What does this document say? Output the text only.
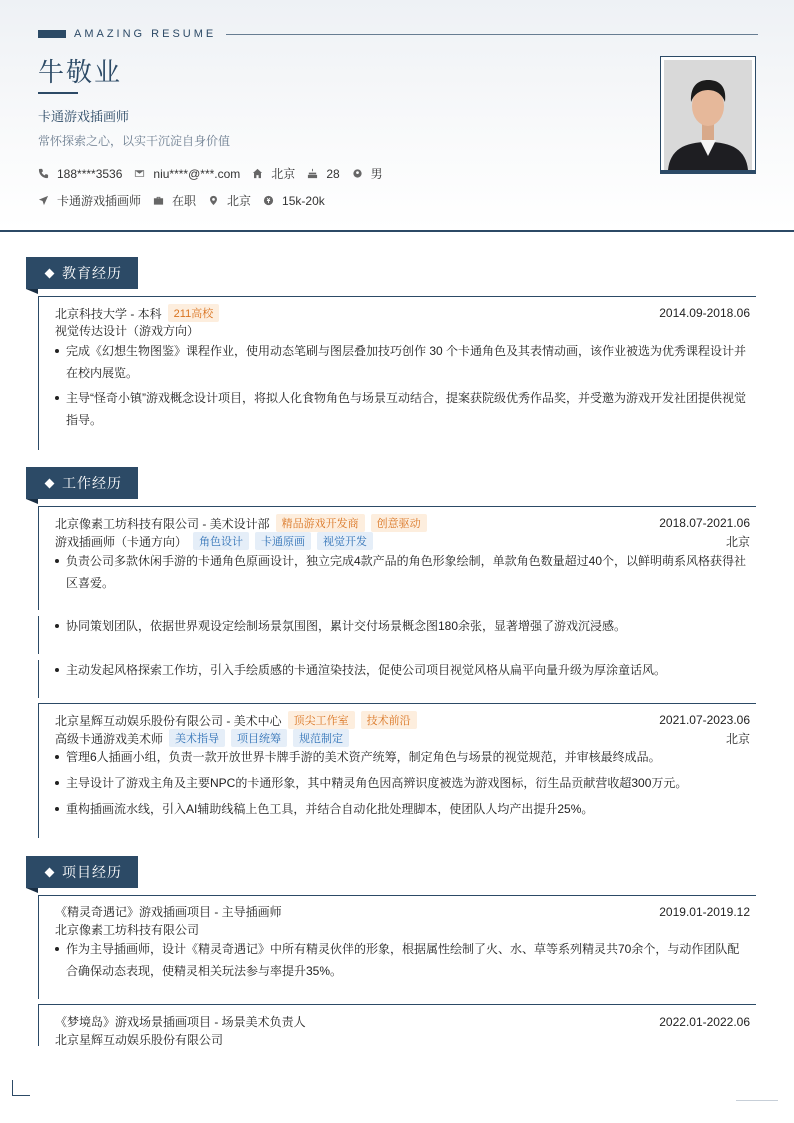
AMAZING RESUME
牛敬业
卡通游戏插画师
常怀探索之心，以实干沉淀自身价值
188****3536	niu****@***.com	北京	28	男
卡通游戏插画师	在职	北京	15k-20k
教育经历
北京科技大学 - 本科	211高校	2014.09-2018.06
视觉传达设计（游戏方向）
完成《幻想生物图鉴》课程作业，使用动态笔刷与图层叠加技巧创作 30 个卡通角色及其表情动画，该作业被选为优秀课程设计并在校内展览。
主导“怪奇小镇”游戏概念设计项目，将拟人化食物角色与场景互动结合，提案获院级优秀作品奖，并受邀为游戏开发社团提供视觉指导。
工作经历
北京像素工坊科技有限公司 - 美术设计部	精品游戏开发商	创意驱动	2018.07-2021.06
游戏插画师（卡通方向）	角色设计	卡通原画	视觉开发	北京
负责公司多款休闲手游的卡通角色原画设计，独立完成4款产品的角色形象绘制，单款角色数量超过40个，以鲜明萌系风格获得社区喜爱。
协同策划团队，依据世界观设定绘制场景氛围图，累计交付场景概念图180余张，显著增强了游戏沉浸感。
主动发起风格探索工作坊，引入手绘质感的卡通渲染技法，促使公司项目视觉风格从扁平向量升级为厚涂童话风。
北京星辉互动娱乐股份有限公司 - 美术中心	顶尖工作室	技术前沿	2021.07-2023.06
高级卡通游戏美术师	美术指导	项目统筹	规范制定	北京
管理6人插画小组，负责一款开放世界卡牌手游的美术资产统筹，制定角色与场景的视觉规范，并审核最终成品。
主导设计了游戏主角及主要NPC的卡通形象，其中精灵角色因高辨识度被选为游戏图标，衍生品贡献营收超300万元。
重构插画流水线，引入AI辅助线稿上色工具，并结合自动化批处理脚本，使团队人均产出提升25%。
项目经历
《精灵奇遇记》游戏插画项目 - 主导插画师	2019.01-2019.12
北京像素工坊科技有限公司
作为主导插画师，设计《精灵奇遇记》中所有精灵伙伴的形象，根据属性绘制了火、水、草等系列精灵共70余个，与动作团队配合确保动态表现，使精灵相关玩法参与率提升35%。
《梦境岛》游戏场景插画项目 - 场景美术负责人	2022.01-2022.06
北京星辉互动娱乐股份有限公司
